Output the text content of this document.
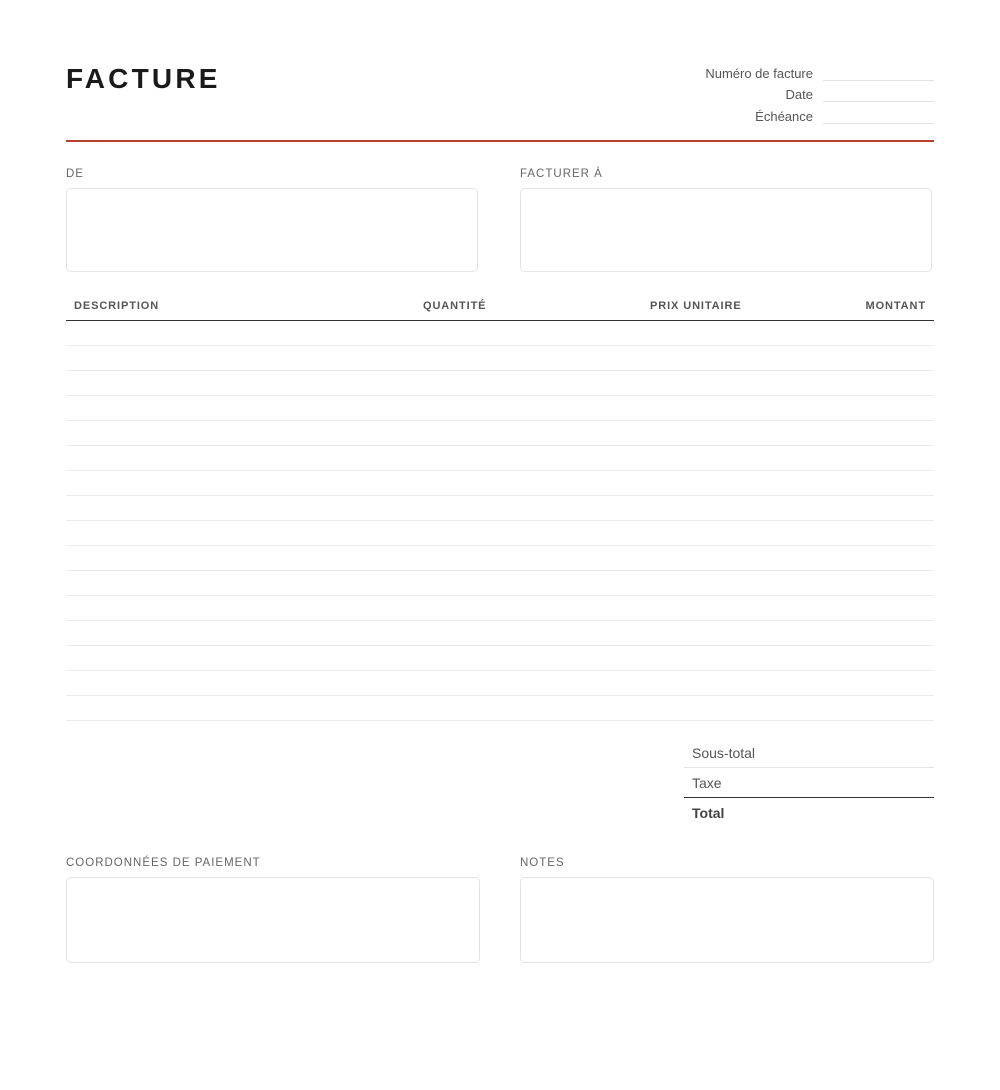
FACTURE	Numéro de facture
Date
Échéance
DE	FACTURER À
DESCRIPTION	QUANTITÉ	PRIX UNITAIRE	MONTANT
Sous-total
Taxe
Total
COORDONNÉES DE PAIEMENT	NOTES
